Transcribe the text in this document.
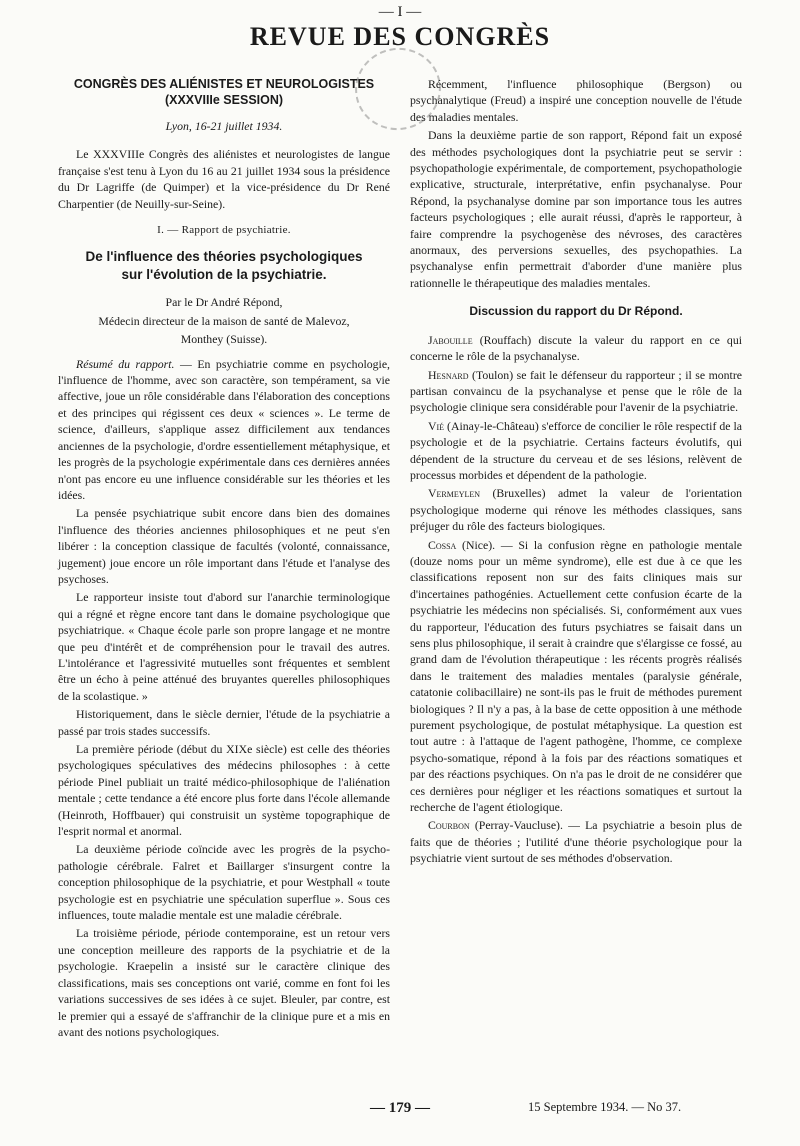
— I —
REVUE DES CONGRÈS
CONGRÈS DES ALIÉNISTES ET NEUROLOGISTES
(XXXVIIIe SESSION)

Lyon, 16-21 juillet 1934.

Le XXXVIIIe Congrès des aliénistes et neurologistes de langue française s'est tenu à Lyon du 16 au 21 juillet 1934 sous la présidence du Dr Lagriffe (de Quimper) et la vice-présidence du Dr René Charpentier (de Neuilly-sur-Seine).

I. — Rapport de psychiatrie.

De l'influence des théories psychologiques
sur l'évolution de la psychiatrie.

Par le Dr André Répond,

Médecin directeur de la maison de santé de Malevoz,

Monthey (Suisse).

Résumé du rapport. — En psychiatrie comme en psychologie, l'influence de l'homme, avec son caractère, son tempérament, sa vie affective, joue un rôle considérable dans l'élaboration des conceptions et des principes qui régissent ces deux « sciences ». Le terme de science, d'ailleurs, s'applique assez difficilement aux tendances anciennes de la psychologie, d'ordre essentiellement métaphysique, et les progrès de la psychologie expérimentale dans ces dernières années n'ont pas encore eu une influence considérable sur les théories et les idées.

La pensée psychiatrique subit encore dans bien des domaines l'influence des théories anciennes philosophiques et ne peut s'en libérer : la conception classique de facultés (volonté, connaissance, jugement) joue encore un rôle important dans l'étude et l'analyse des psychoses.

Le rapporteur insiste tout d'abord sur l'anarchie terminologique qui a régné et règne encore tant dans le domaine psychologique que psychiatrique. « Chaque école parle son propre langage et ne montre que peu d'intérêt et de compréhension pour le travail des autres. L'intolérance et l'agressivité mutuelles sont fréquentes et semblent être un écho à peine atténué des bruyantes querelles philosophiques de la scolastique. »

Historiquement, dans le siècle dernier, l'étude de la psychiatrie a passé par trois stades successifs.

La première période (début du XIXe siècle) est celle des théories psychologiques spéculatives des médecins philosophes : à cette période Pinel publiait un traité médico-philosophique de l'aliénation mentale ; cette tendance a été encore plus forte dans l'école allemande (Heinroth, Hoffbauer) qui construisit un système topographique de l'esprit normal et anormal.

La deuxième période coïncide avec les progrès de la psycho-pathologie cérébrale. Falret et Baillarger s'insurgent contre la conception philosophique de la psychiatrie, et pour Westphall « toute psychologie est en psychiatrie une spéculation superflue ». Sous ces influences, toute maladie mentale est une maladie cérébrale.

La troisième période, période contemporaine, est un retour vers une conception meilleure des rapports de la psychiatrie et de la psychologie. Kraepelin a insisté sur le caractère clinique des classifications, mais ses conceptions ont varié, comme en font foi les variations successives de ses idées à ce sujet. Bleuler, par contre, est le premier qui a essayé de s'affranchir de la clinique pure et a mis en avant des notions psychologiques.

Récemment, l'influence philosophique (Bergson) ou psychanalytique (Freud) a inspiré une conception nouvelle de l'étude des maladies mentales.

Dans la deuxième partie de son rapport, Répond fait un exposé des méthodes psychologiques dont la psychiatrie peut se servir : psychopathologie expérimentale, de comportement, psychopathologie explicative, structurale, interprétative, enfin psychanalyse. Pour Répond, la psychanalyse domine par son importance tous les autres facteurs psychologiques ; elle aurait réussi, d'après le rapporteur, à faire comprendre la psychogenèse des névroses, des caractères anormaux, des perversions sexuelles, des psychopathies. La psychanalyse enfin permettrait d'aborder d'une manière plus rationnelle le thérapeutique des maladies mentales.

Discussion du rapport du Dr Répond.

Jabouille (Rouffach) discute la valeur du rapport en ce qui concerne le rôle de la psychanalyse.

Hesnard (Toulon) se fait le défenseur du rapporteur ; il se montre partisan convaincu de la psychanalyse et pense que le rôle de la psychologie clinique sera considérable pour l'avenir de la psychiatrie.

Vié (Ainay-le-Château) s'efforce de concilier le rôle respectif de la psychologie et de la psychiatrie. Certains facteurs évolutifs, qui dépendent de la structure du cerveau et de ses lésions, relèvent de processus morbides et dépendent de la pathologie.

Vermeylen (Bruxelles) admet la valeur de l'orientation psychologique moderne qui rénove les méthodes classiques, sans préjuger du rôle des facteurs biologiques.

Cossa (Nice). — Si la confusion règne en pathologie mentale (douze noms pour un même syndrome), elle est due à ce que les classifications reposent non sur des faits cliniques mais sur d'incertaines pathogénies. Actuellement cette confusion écarte de la psychiatrie les médecins non spécialisés. Si, conformément aux vues du rapporteur, l'éducation des futurs psychiatres se faisait dans un sens plus philosophique, il serait à craindre que s'élargisse ce fossé, au grand dam de l'évolution thérapeutique : les récents progrès réalisés dans le traitement des maladies mentales (paralysie générale, catatonie colibacillaire) ne sont-ils pas le fruit de méthodes purement biologiques ? Il n'y a pas, à la base de cette opposition à une méthode purement psychologique, de postulat métaphysique. La question est tout autre : à l'attaque de l'agent pathogène, l'homme, ce complexe psycho-somatique, répond à la fois par des réactions somatiques et par des réactions psychiques. On n'a pas le droit de ne considérer que ces dernières pour négliger et les réactions somatiques et surtout la recherche de l'agent étiologique.

Courbon (Perray-Vaucluse). — La psychiatrie a besoin plus de faits que de théories ; l'utilité d'une théorie psychologique pour la psychiatrie vient surtout de ses méthodes d'observation.

— 179 —	15 Septembre 1934. — No 37.
